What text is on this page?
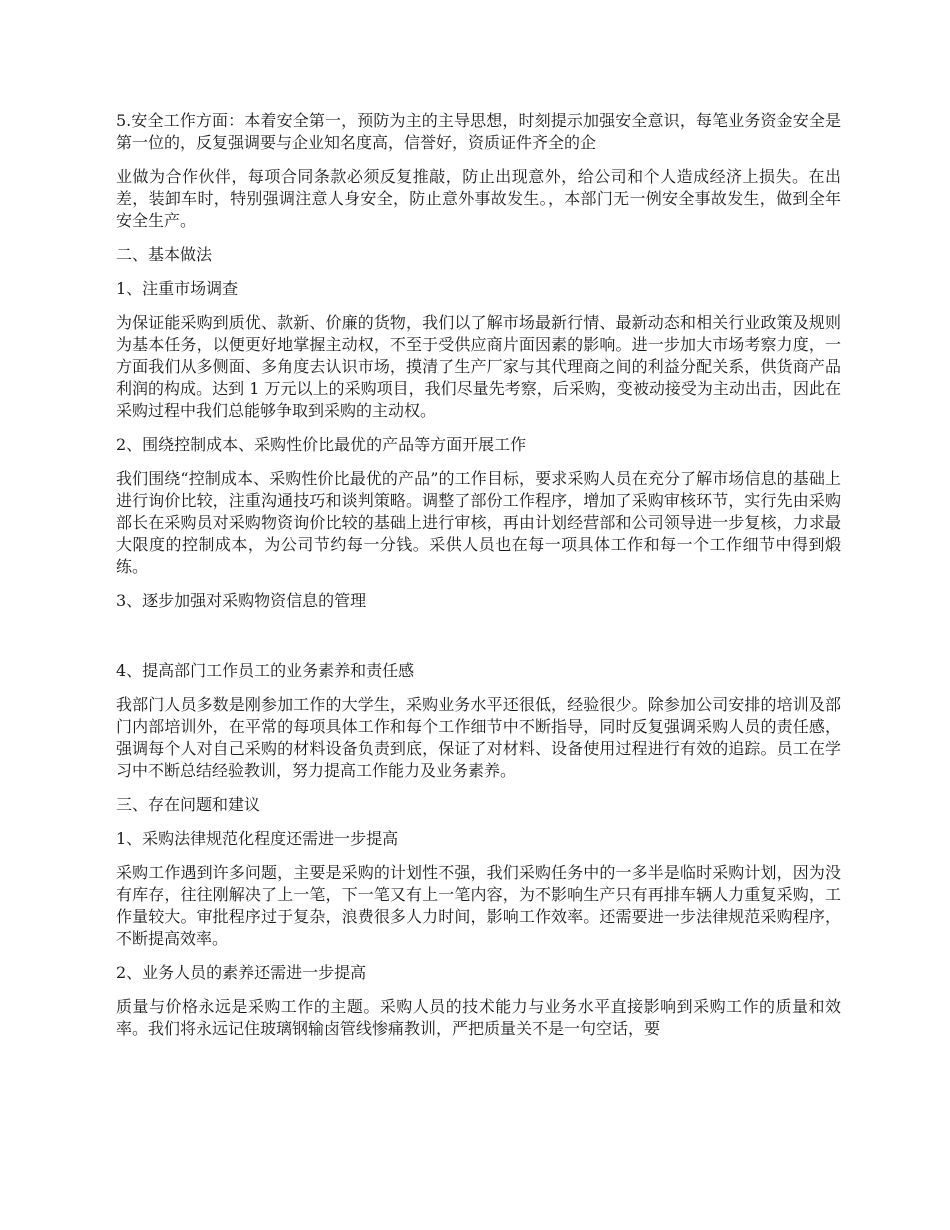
5.安全工作方面：本着安全第一，预防为主的主导思想，时刻提示加强安全意识，每笔业务资金安全是第一位的，反复强调要与企业知名度高，信誉好，资质证件齐全的企

业做为合作伙伴，每项合同条款必须反复推敲，防止出现意外，给公司和个人造成经济上损失。在出差，装卸车时，特别强调注意人身安全，防止意外事故发生。，本部门无一例安全事故发生，做到全年安全生产。

二、基本做法

1、注重市场调查

为保证能采购到质优、款新、价廉的货物，我们以了解市场最新行情、最新动态和相关行业政策及规则为基本任务，以便更好地掌握主动权，不至于受供应商片面因素的影响。进一步加大市场考察力度，一方面我们从多侧面、多角度去认识市场，摸清了生产厂家与其代理商之间的利益分配关系，供货商产品利润的构成。达到 1 万元以上的采购项目，我们尽量先考察，后采购，变被动接受为主动出击，因此在采购过程中我们总能够争取到采购的主动权。

2、围绕控制成本、采购性价比最优的产品等方面开展工作

我们围绕“控制成本、采购性价比最优的产品”的工作目标，要求采购人员在充分了解市场信息的基础上进行询价比较，注重沟通技巧和谈判策略。调整了部份工作程序，增加了采购审核环节，实行先由采购部长在采购员对采购物资询价比较的基础上进行审核，再由计划经营部和公司领导进一步复核，力求最大限度的控制成本，为公司节约每一分钱。采供人员也在每一项具体工作和每一个工作细节中得到煅练。

3、逐步加强对采购物资信息的管理

4、提高部门工作员工的业务素养和责任感

我部门人员多数是刚参加工作的大学生，采购业务水平还很低，经验很少。除参加公司安排的培训及部门内部培训外，在平常的每项具体工作和每个工作细节中不断指导，同时反复强调采购人员的责任感，强调每个人对自己采购的材料设备负责到底，保证了对材料、设备使用过程进行有效的追踪。员工在学习中不断总结经验教训，努力提高工作能力及业务素养。

三、存在问题和建议

1、采购法律规范化程度还需进一步提高

采购工作遇到许多问题，主要是采购的计划性不强，我们采购任务中的一多半是临时采购计划，因为没有库存，往往刚解决了上一笔，下一笔又有上一笔内容，为不影响生产只有再排车辆人力重复采购，工作量较大。审批程序过于复杂，浪费很多人力时间，影响工作效率。还需要进一步法律规范采购程序，不断提高效率。

2、业务人员的素养还需进一步提高

质量与价格永远是采购工作的主题。采购人员的技术能力与业务水平直接影响到采购工作的质量和效率。我们将永远记住玻璃钢输卤管线惨痛教训，严把质量关不是一句空话，要
